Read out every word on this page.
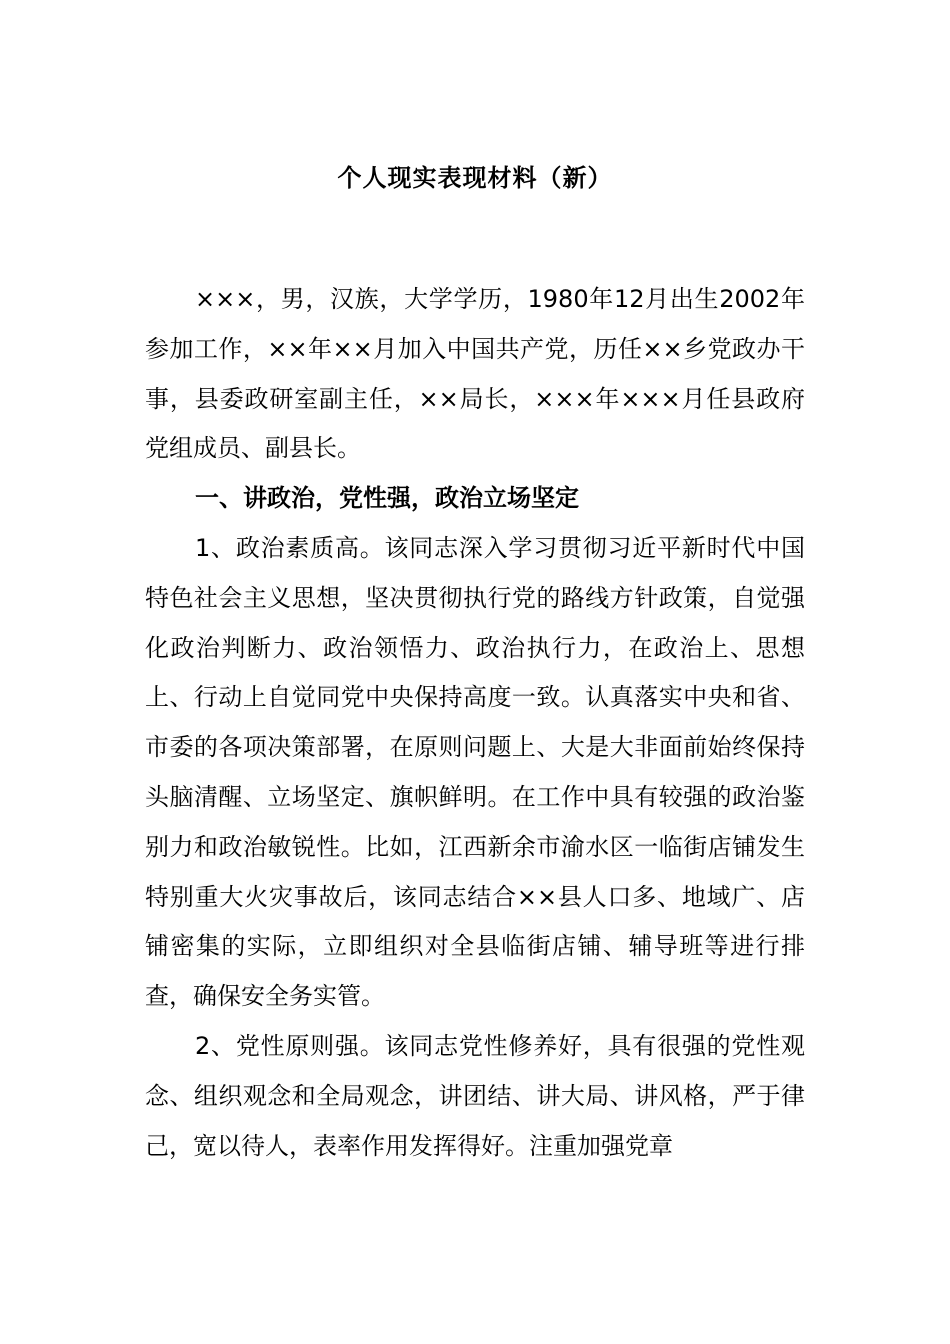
个人现实表现材料（新）

×××，男，汉族，大学学历，1980年12月出生2002年参加工作，××年××月加入中国共产党，历任××乡党政办干事，县委政研室副主任，××局长，×××年×××月任县政府党组成员、副县长。

一、讲政治，党性强，政治立场坚定

1、政治素质高。该同志深入学习贯彻习近平新时代中国特色社会主义思想，坚决贯彻执行党的路线方针政策，自觉强化政治判断力、政治领悟力、政治执行力，在政治上、思想上、行动上自觉同党中央保持高度一致。认真落实中央和省、市委的各项决策部署，在原则问题上、大是大非面前始终保持头脑清醒、立场坚定、旗帜鲜明。在工作中具有较强的政治鉴别力和政治敏锐性。比如，江西新余市渝水区一临街店铺发生特别重大火灾事故后，该同志结合××县人口多、地域广、店铺密集的实际，立即组织对全县临街店铺、辅导班等进行排查，确保安全务实管。

2、党性原则强。该同志党性修养好，具有很强的党性观念、组织观念和全局观念，讲团结、讲大局、讲风格，严于律己，宽以待人，表率作用发挥得好。注重加强党章
